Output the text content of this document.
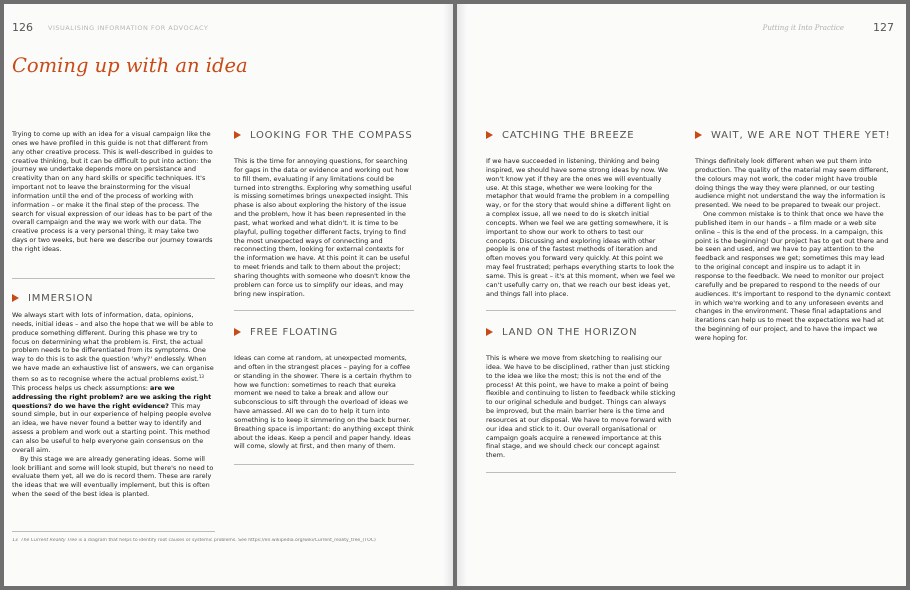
126 VISUALISING INFORMATION FOR ADVOCACY
Coming up with an idea

Trying to come up with an idea for a visual campaign like the ones we have profiled in this guide is not that different from any other creative process. This is well-described in guides to creative thinking, but it can be difficult to put into action: the journey we undertake depends more on persistance and creativity than on any hard skills or specific techniques. It's important not to leave the brainstorming for the visual information until the end of the process of working with information – or make it the final step of the process. The search for visual expression of our ideas has to be part of the overall campaign and the way we work with our data. The creative process is a very personal thing, it may take two days or two weeks, but here we describe our journey towards the right ideas.

IMMERSION

We always start with lots of information, data, opinions, needs, initial ideas – and also the hope that we will be able to produce something different. During this phase we try to focus on determining what the problem is. First, the actual problem needs to be differentiated from its symptoms. One way to do this is to ask the question 'why?' endlessly. When we have made an exhaustive list of answers, we can organise them so as to recognise where the actual problems exist.$^{13}$ This process helps us check assumptions: are we addressing the right problem? are we asking the right questions? do we have the right evidence? This may sound simple, but in our experience of helping people evolve an idea, we have never found a better way to identify and assess a problem and work out a starting point. This method can also be useful to help everyone gain consensus on the overall aim.

By this stage we are already generating ideas. Some will look brilliant and some will look stupid, but there's no need to evaluate them yet, all we do is record them. These are rarely the ideas that we will eventually implement, but this is often when the seed of the best idea is planted.

13 The Current Reality Tree is a diagram that helps to identify root causes or systemic problems. See https://en.wikipedia.org/wiki/Current_reality_tree_(TOC)
LOOKING FOR THE COMPASS

This is the time for annoying questions, for searching for gaps in the data or evidence and working out how to fill them, evaluating if any limitations could be turned into strengths. Exploring why something useful is missing sometimes brings unexpected insight. This phase is also about exploring the history of the issue and the problem, how it has been represented in the past, what worked and what didn't. It is time to be playful, pulling together different facts, trying to find the most unexpected ways of connecting and reconnecting them, looking for external contexts for the information we have. At this point it can be useful to meet friends and talk to them about the project; sharing thoughts with someone who doesn't know the problem can force us to simplify our ideas, and may bring new inspiration.

FREE FLOATING

Ideas can come at random, at unexpected moments, and often in the strangest places – paying for a coffee or standing in the shower. There is a certain rhythm to how we function: sometimes to reach that eureka moment we need to take a break and allow our subconscious to sift through the overload of ideas we have amassed. All we can do to help it turn into something is to keep it simmering on the back burner. Breathing space is important: do anything except think about the ideas. Keep a pencil and paper handy. Ideas will come, slowly at first, and then many of them.

Putting it Into Practice	127
CATCHING THE BREEZE

If we have succeeded in listening, thinking and being inspired, we should have some strong ideas by now. We won't know yet if they are the ones we will eventually use. At this stage, whether we were looking for the metaphor that would frame the problem in a compelling way, or for the story that would shine a different light on a complex issue, all we need to do is sketch initial concepts. When we feel we are getting somewhere, it is important to show our work to others to test our concepts. Discussing and exploring ideas with other people is one of the fastest methods of iteration and often moves you forward very quickly. At this point we may feel frustrated; perhaps everything starts to look the same. This is great – it's at this moment, when we feel we can't usefully carry on, that we reach our best ideas yet, and things fall into place.

LAND ON THE HORIZON

This is where we move from sketching to realising our idea. We have to be disciplined, rather than just sticking to the idea we like the most; this is not the end of the process! At this point, we have to make a point of being flexible and continuing to listen to feedback while sticking to our original schedule and budget. Things can always be improved, but the main barrier here is the time and resources at our disposal. We have to move forward with our idea and stick to it. Our overall organisational or campaign goals acquire a renewed importance at this final stage, and we should check our concept against them.

WAIT, WE ARE NOT THERE YET!

Things definitely look different when we put them into production. The quality of the material may seem different, the colours may not work, the coder might have trouble doing things the way they were planned, or our testing audience might not understand the way the information is presented. We need to be prepared to tweak our project.

One common mistake is to think that once we have the published item in our hands – a film made or a web site online – this is the end of the process. In a campaign, this point is the beginning! Our project has to get out there and be seen and used, and we have to pay attention to the feedback and responses we get; sometimes this may lead to the original concept and inspire us to adapt it in response to the feedback. We need to monitor our project carefully and be prepared to respond to the needs of our audiences. It's important to respond to the dynamic context in which we're working and to any unforeseen events and changes in the environment. These final adaptations and iterations can help us to meet the expectations we had at the beginning of our project, and to have the impact we were hoping for.
